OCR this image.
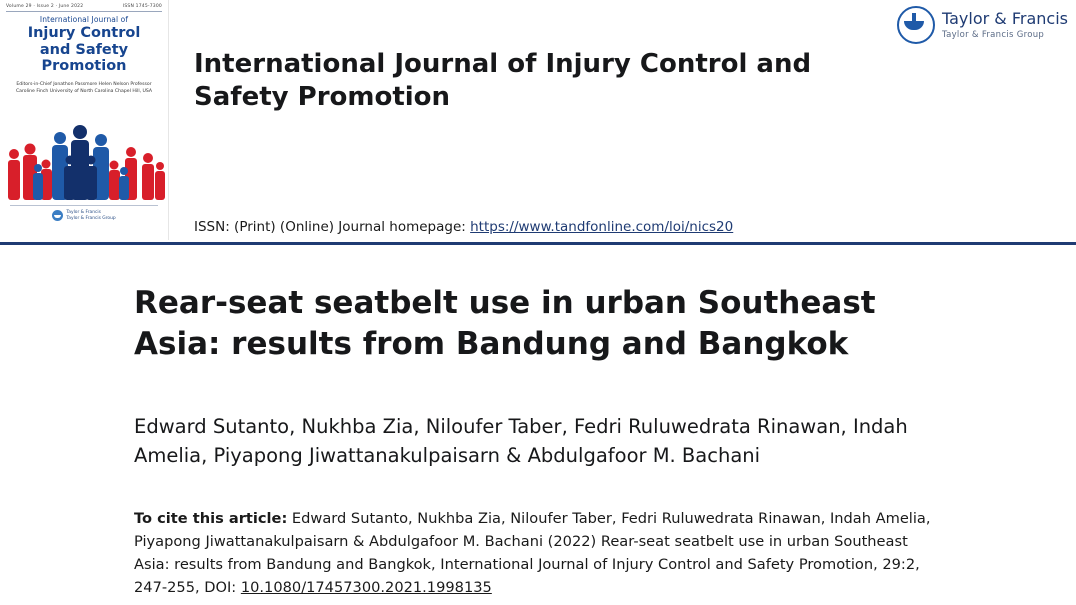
Volume 29 · Issue 2 · June 2022	ISSN 1745-7300
International Journal of
Injury Control
and Safety
Promotion
Editors-in-Chief Jonathon Passmore Helen Nelson Professor Caroline Finch University of North Carolina Chapel Hill, USA
Taylor & Francis
Taylor & Francis Group
International Journal of Injury Control and Safety Promotion
ISSN: (Print) (Online) Journal homepage: https://www.tandfonline.com/loi/nics20
Taylor & Francis
Taylor & Francis Group
Rear-seat seatbelt use in urban Southeast Asia: results from Bandung and Bangkok
Edward Sutanto, Nukhba Zia, Niloufer Taber, Fedri Ruluwedrata Rinawan, Indah Amelia, Piyapong Jiwattanakulpaisarn & Abdulgafoor M. Bachani
To cite this article: Edward Sutanto, Nukhba Zia, Niloufer Taber, Fedri Ruluwedrata Rinawan, Indah Amelia, Piyapong Jiwattanakulpaisarn & Abdulgafoor M. Bachani (2022) Rear-seat seatbelt use in urban Southeast Asia: results from Bandung and Bangkok, International Journal of Injury Control and Safety Promotion, 29:2, 247-255, DOI: 10.1080/17457300.2021.1998135
